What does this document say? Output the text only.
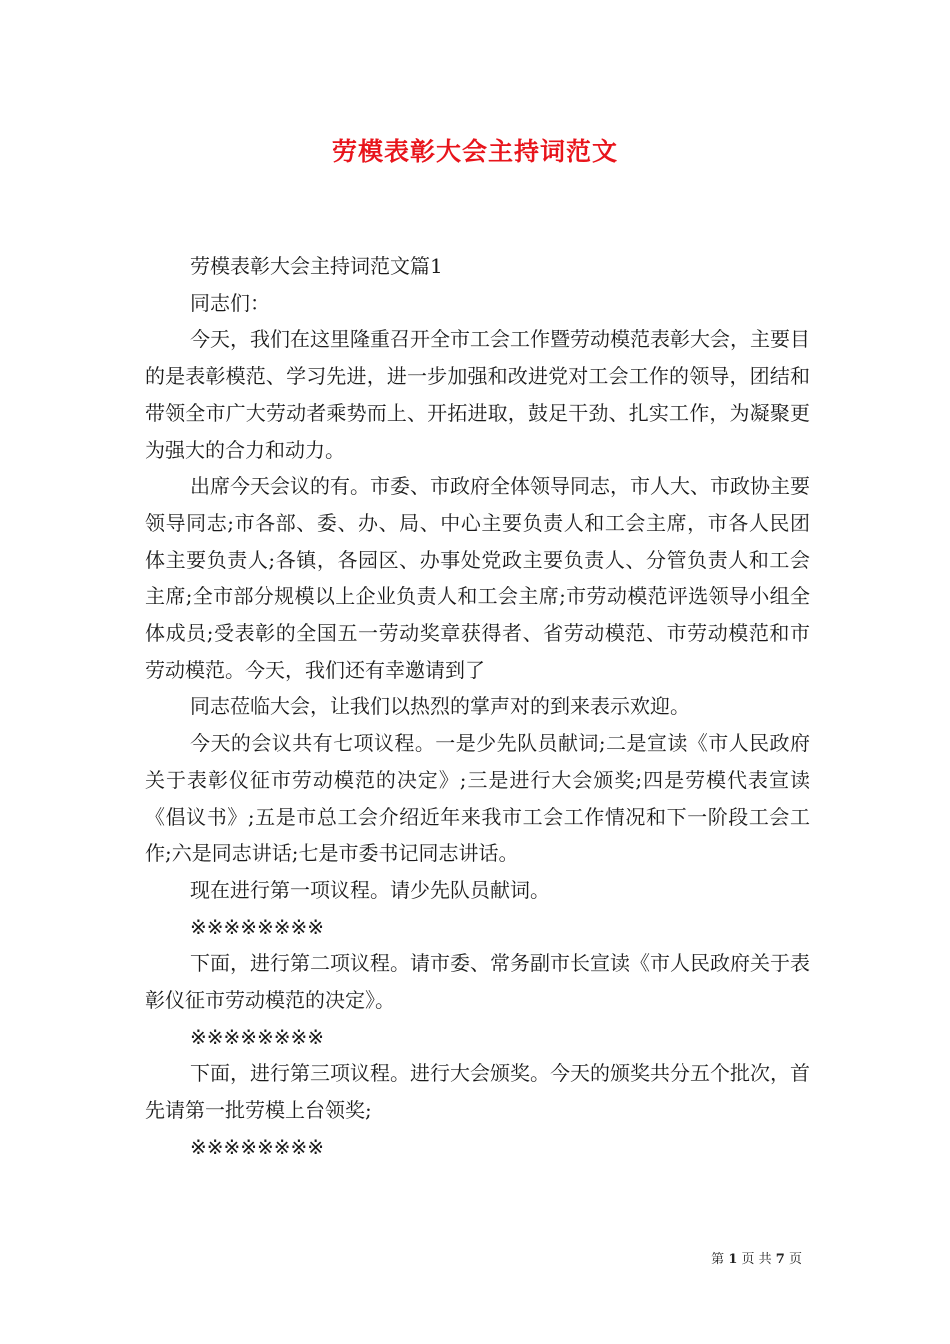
劳模表彰大会主持词范文

劳模表彰大会主持词范文篇1

同志们：

今天，我们在这里隆重召开全市工会工作暨劳动模范表彰大会，主要目的是表彰模范、学习先进，进一步加强和改进党对工会工作的领导，团结和带领全市广大劳动者乘势而上、开拓进取，鼓足干劲、扎实工作，为凝聚更为强大的合力和动力。

出席今天会议的有。市委、市政府全体领导同志，市人大、市政协主要领导同志;市各部、委、办、局、中心主要负责人和工会主席，市各人民团体主要负责人;各镇，各园区、办事处党政主要负责人、分管负责人和工会主席;全市部分规模以上企业负责人和工会主席;市劳动模范评选领导小组全体成员;受表彰的全国五一劳动奖章获得者、省劳动模范、市劳动模范和市劳动模范。今天，我们还有幸邀请到了

同志莅临大会，让我们以热烈的掌声对的到来表示欢迎。

今天的会议共有七项议程。一是少先队员献词;二是宣读《市人民政府关于表彰仪征市劳动模范的决定》;三是进行大会颁奖;四是劳模代表宣读《倡议书》;五是市总工会介绍近年来我市工会工作情况和下一阶段工会工作;六是同志讲话;七是市委书记同志讲话。

现在进行第一项议程。请少先队员献词。

※※※※※※※※

下面，进行第二项议程。请市委、常务副市长宣读《市人民政府关于表彰仪征市劳动模范的决定》。

※※※※※※※※

下面，进行第三项议程。进行大会颁奖。今天的颁奖共分五个批次，首先请第一批劳模上台领奖;

※※※※※※※※

第 1 页 共 7 页
